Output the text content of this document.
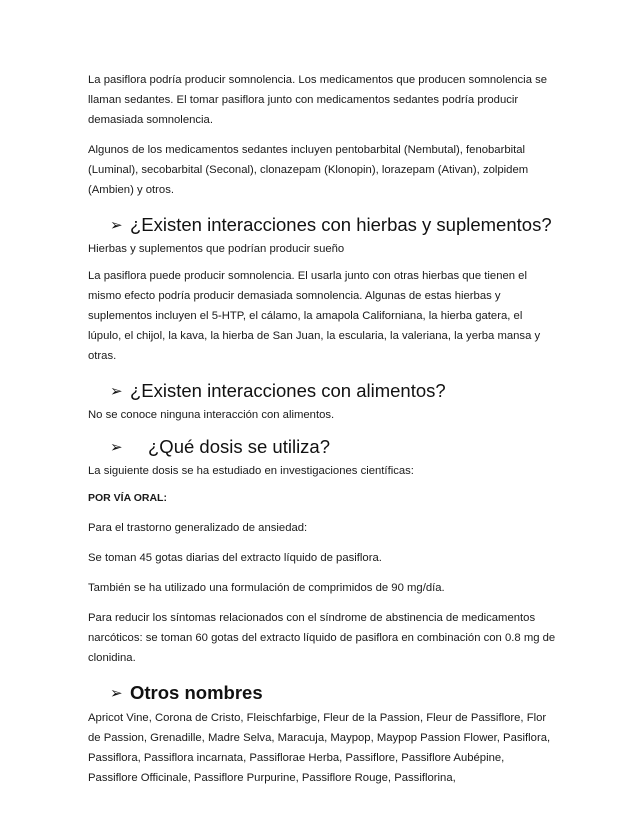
La pasiflora podría producir somnolencia. Los medicamentos que producen somnolencia se llaman sedantes. El tomar pasiflora junto con medicamentos sedantes podría producir demasiada somnolencia.

Algunos de los medicamentos sedantes incluyen pentobarbital (Nembutal), fenobarbital (Luminal), secobarbital (Seconal), clonazepam (Klonopin), lorazepam (Ativan), zolpidem (Ambien) y otros.

➢ ¿Existen interacciones con hierbas y suplementos?

Hierbas y suplementos que podrían producir sueño

La pasiflora puede producir somnolencia. El usarla junto con otras hierbas que tienen el mismo efecto podría producir demasiada somnolencia. Algunas de estas hierbas y suplementos incluyen el 5-HTP, el cálamo, la amapola Californiana, la hierba gatera, el lúpulo, el chijol, la kava, la hierba de San Juan, la escularia, la valeriana, la yerba mansa y otras.

➢ ¿Existen interacciones con alimentos?

No se conoce ninguna interacción con alimentos.

➢	¿Qué dosis se utiliza?

La siguiente dosis se ha estudiado en investigaciones científicas:

POR VÍA ORAL:

Para el trastorno generalizado de ansiedad:

Se toman 45 gotas diarias del extracto líquido de pasiflora.

También se ha utilizado una formulación de comprimidos de 90 mg/día.

Para reducir los síntomas relacionados con el síndrome de abstinencia de medicamentos narcóticos: se toman 60 gotas del extracto líquido de pasiflora en combinación con 0.8 mg de clonidina.

➢ Otros nombres

Apricot Vine, Corona de Cristo, Fleischfarbige, Fleur de la Passion, Fleur de Passiflore, Flor de Passion, Grenadille, Madre Selva, Maracuja, Maypop, Maypop Passion Flower, Pasiflora, Passiflora, Passiflora incarnata, Passiflorae Herba, Passiflore, Passiflore Aubépine, Passiflore Officinale, Passiflore Purpurine, Passiflore Rouge, Passiflorina,
